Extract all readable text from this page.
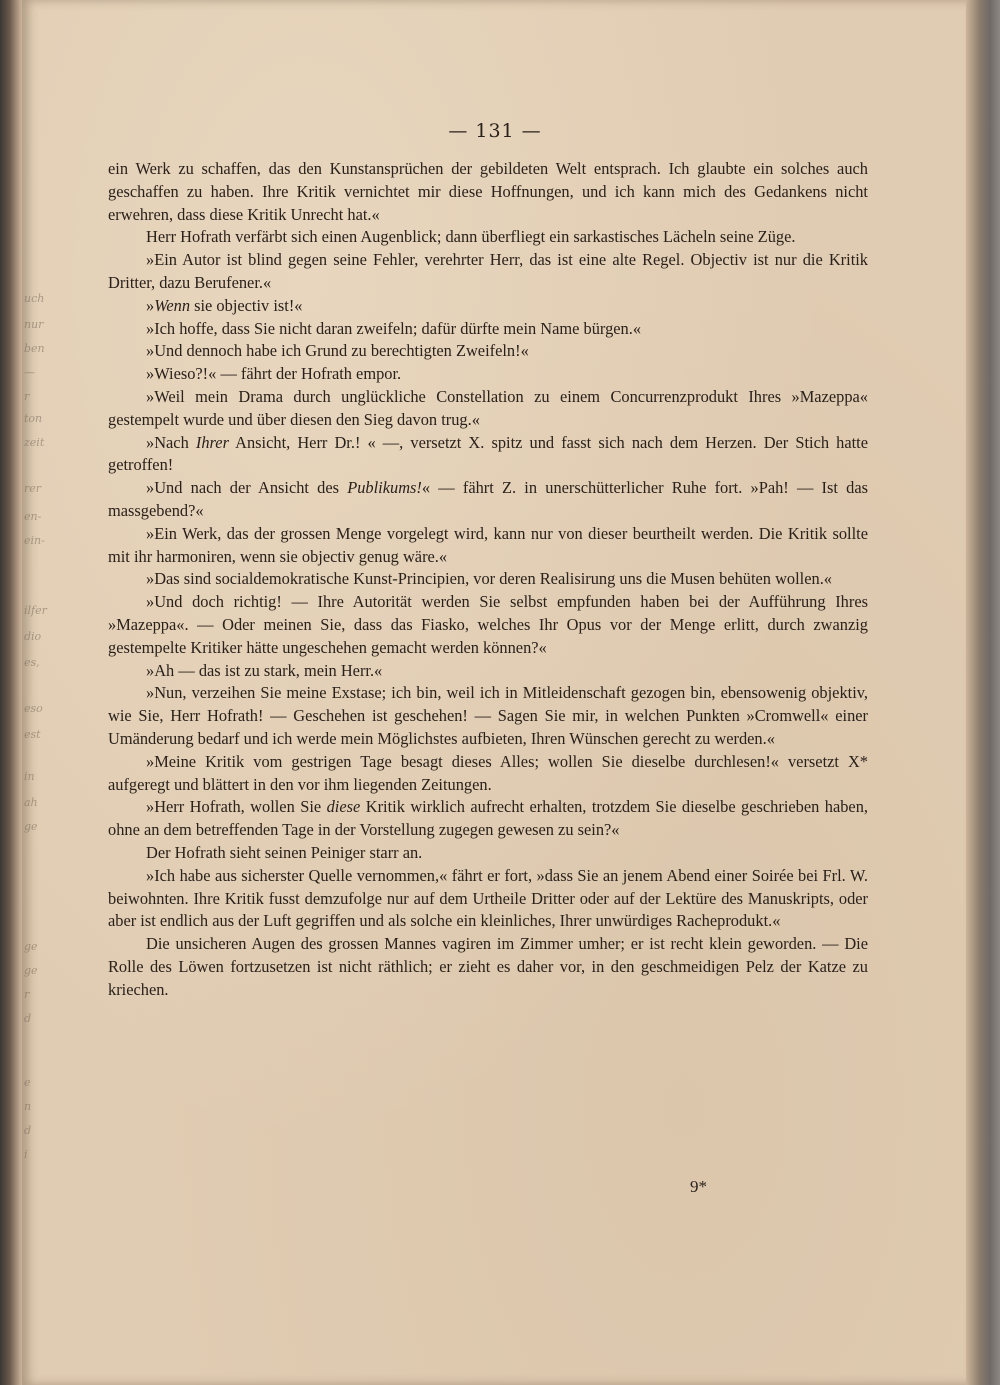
uch
nur
ben
—
r
ton
zeit
rer
en-
ein-
ilfer
dio
es,
eso
est
in
ah
ge
ge
ge
r
d
e
n
d
i
— 131 —

ein Werk zu schaffen, das den Kunstansprüchen der gebildeten Welt entsprach. Ich glaubte ein solches auch geschaffen zu haben. Ihre Kritik vernichtet mir diese Hoffnungen, und ich kann mich des Gedankens nicht erwehren, dass diese Kritik Unrecht hat.«

Herr Hofrath verfärbt sich einen Augenblick; dann überfliegt ein sarkastisches Lächeln seine Züge.

»Ein Autor ist blind gegen seine Fehler, verehrter Herr, das ist eine alte Regel. Objectiv ist nur die Kritik Dritter, dazu Berufener.«

»Wenn sie objectiv ist!«

»Ich hoffe, dass Sie nicht daran zweifeln; dafür dürfte mein Name bürgen.«

»Und dennoch habe ich Grund zu berechtigten Zweifeln!«

»Wieso?!« — fährt der Hofrath empor.

»Weil mein Drama durch unglückliche Constellation zu einem Concurrenzprodukt Ihres »Mazeppa« gestempelt wurde und über diesen den Sieg davon trug.«

»Nach Ihrer Ansicht, Herr Dr.! « —, versetzt X. spitz und fasst sich nach dem Herzen. Der Stich hatte getroffen!

»Und nach der Ansicht des Publikums!« — fährt Z. in unerschütterlicher Ruhe fort. »Pah! — Ist das massgebend?«

»Ein Werk, das der grossen Menge vorgelegt wird, kann nur von dieser beurtheilt werden. Die Kritik sollte mit ihr harmoniren, wenn sie objectiv genug wäre.«

»Das sind socialdemokratische Kunst-Principien, vor deren Realisirung uns die Musen behüten wollen.«

»Und doch richtig! — Ihre Autorität werden Sie selbst empfunden haben bei der Aufführung Ihres »Mazeppa«. — Oder meinen Sie, dass das Fiasko, welches Ihr Opus vor der Menge erlitt, durch zwanzig gestempelte Kritiker hätte ungeschehen gemacht werden können?«

»Ah — das ist zu stark, mein Herr.«

»Nun, verzeihen Sie meine Exstase; ich bin, weil ich in Mitleidenschaft gezogen bin, ebensowenig objektiv, wie Sie, Herr Hofrath! — Geschehen ist geschehen! — Sagen Sie mir, in welchen Punkten »Cromwell« einer Umänderung bedarf und ich werde mein Möglichstes aufbieten, Ihren Wünschen gerecht zu werden.«

»Meine Kritik vom gestrigen Tage besagt dieses Alles; wollen Sie dieselbe durchlesen!« versetzt X* aufgeregt und blättert in den vor ihm liegenden Zeitungen.

»Herr Hofrath, wollen Sie diese Kritik wirklich aufrecht erhalten, trotzdem Sie dieselbe geschrieben haben, ohne an dem betreffenden Tage in der Vorstellung zugegen gewesen zu sein?«

Der Hofrath sieht seinen Peiniger starr an.

»Ich habe aus sicherster Quelle vernommen,« fährt er fort, »dass Sie an jenem Abend einer Soirée bei Frl. W. beiwohnten. Ihre Kritik fusst demzufolge nur auf dem Urtheile Dritter oder auf der Lektüre des Manuskripts, oder aber ist endlich aus der Luft gegriffen und als solche ein kleinliches, Ihrer unwürdiges Racheprodukt.«

Die unsicheren Augen des grossen Mannes vagiren im Zimmer umher; er ist recht klein geworden. — Die Rolle des Löwen fortzusetzen ist nicht räthlich; er zieht es daher vor, in den geschmeidigen Pelz der Katze zu kriechen.

9*
